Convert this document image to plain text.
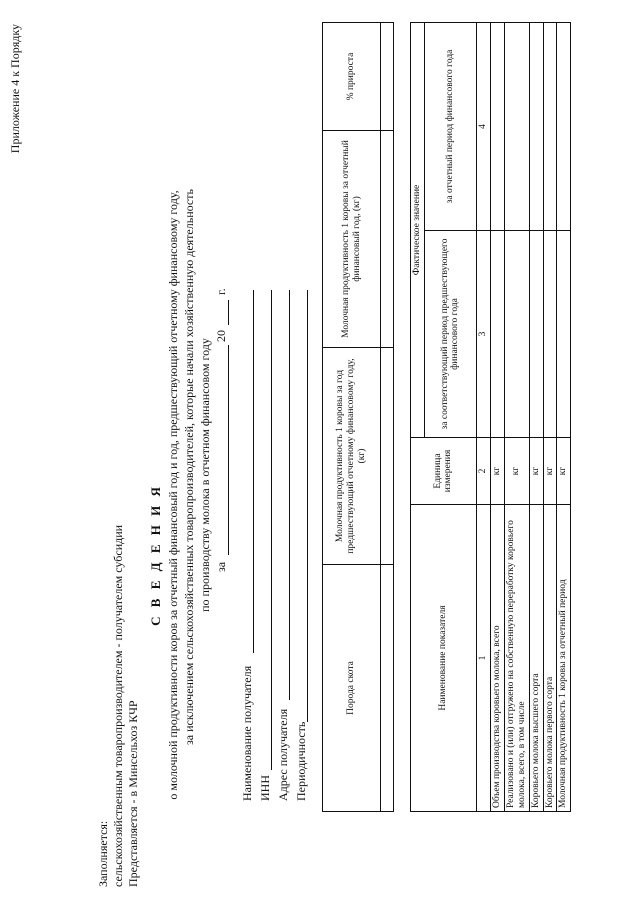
Приложение 4 к Порядку
Заполняется: сельскохозяйственным товаропроизводителем - получателем субсидии Представляется - в Минсельхоз КЧР
С В Е Д Е Н И Я о молочной продуктивности коров за отчетный финансовый год и год, предшествующий отчетному финансовому году, за исключением сельскохозяйственных товаропроизводителей, которые начали хозяйственную деятельность по производству молока в отчетном финансовом году за
20
г.
Наименование получателя ИНН Адрес получателя Периодичность
Порода скота	Молочная продуктивность 1 коровы за год предшествующий отчетному финансовому году, (кг)	Молочная продуктивность 1 коровы за отчетный финансовый год, (кг)	% прироста

Наименование показателя	Единица измерения	Фактическое значение	
		за соответствующий период предшествующего финансового года	за отчетный период финансового года
1	2	3	4
Объем производства коровьего молока, всего	кг		
Реализовано и (или) отгружено на собственную переработку коровьего молока, всего, в том числе	кг		
Коровьего молока высшего сорта	кг		
Коровьего молока первого сорта	кг		
Молочная продуктивность 1 коровы за отчетный период	кг		
